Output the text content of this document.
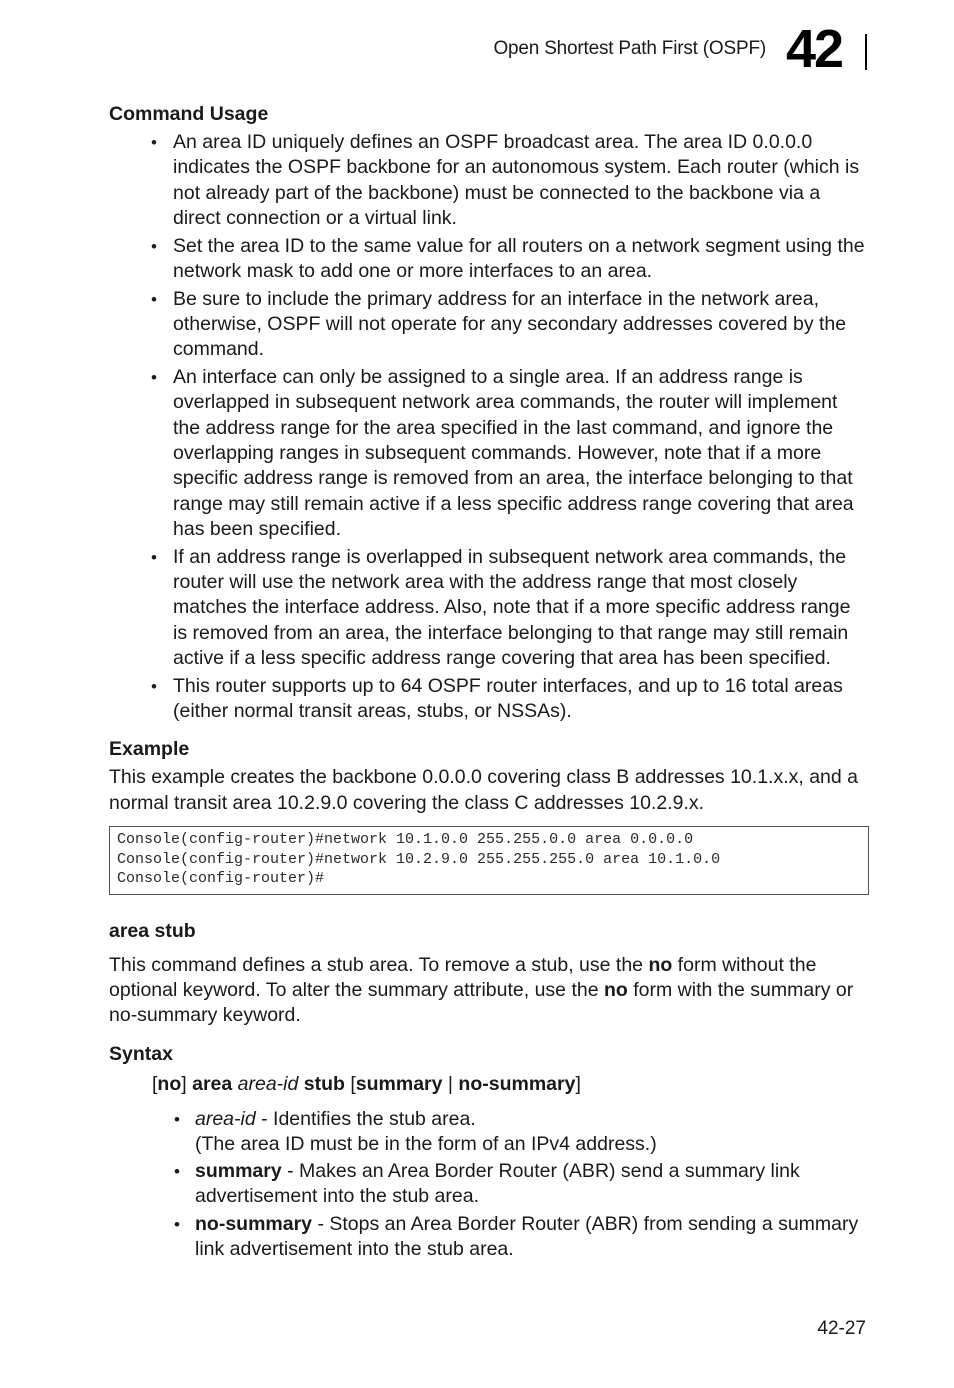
Open Shortest Path First (OSPF) 42
Command Usage
• An area ID uniquely defines an OSPF broadcast area. The area ID 0.0.0.0 indicates the OSPF backbone for an autonomous system. Each router (which is not already part of the backbone) must be connected to the backbone via a direct connection or a virtual link.
• Set the area ID to the same value for all routers on a network segment using the network mask to add one or more interfaces to an area.
• Be sure to include the primary address for an interface in the network area, otherwise, OSPF will not operate for any secondary addresses covered by the command.
• An interface can only be assigned to a single area. If an address range is overlapped in subsequent network area commands, the router will implement the address range for the area specified in the last command, and ignore the overlapping ranges in subsequent commands. However, note that if a more specific address range is removed from an area, the interface belonging to that range may still remain active if a less specific address range covering that area has been specified.
• If an address range is overlapped in subsequent network area commands, the router will use the network area with the address range that most closely matches the interface address. Also, note that if a more specific address range is removed from an area, the interface belonging to that range may still remain active if a less specific address range covering that area has been specified.
• This router supports up to 64 OSPF router interfaces, and up to 16 total areas (either normal transit areas, stubs, or NSSAs).
Example

This example creates the backbone 0.0.0.0 covering class B addresses 10.1.x.x, and a normal transit area 10.2.9.0 covering the class C addresses 10.2.9.x.

Console(config-router)#network 10.1.0.0 255.255.0.0 area 0.0.0.0
Console(config-router)#network 10.2.9.0 255.255.255.0 area 10.1.0.0
Console(config-router)#
area stub

This command defines a stub area. To remove a stub, use the no form without the optional keyword. To alter the summary attribute, use the no form with the summary or no-summary keyword.

Syntax
[no] area area-id stub [summary | no-summary]
• area-id - Identifies the stub area.
(The area ID must be in the form of an IPv4 address.)
• summary - Makes an Area Border Router (ABR) send a summary link advertisement into the stub area.
• no-summary - Stops an Area Border Router (ABR) from sending a summary link advertisement into the stub area.
42-27
